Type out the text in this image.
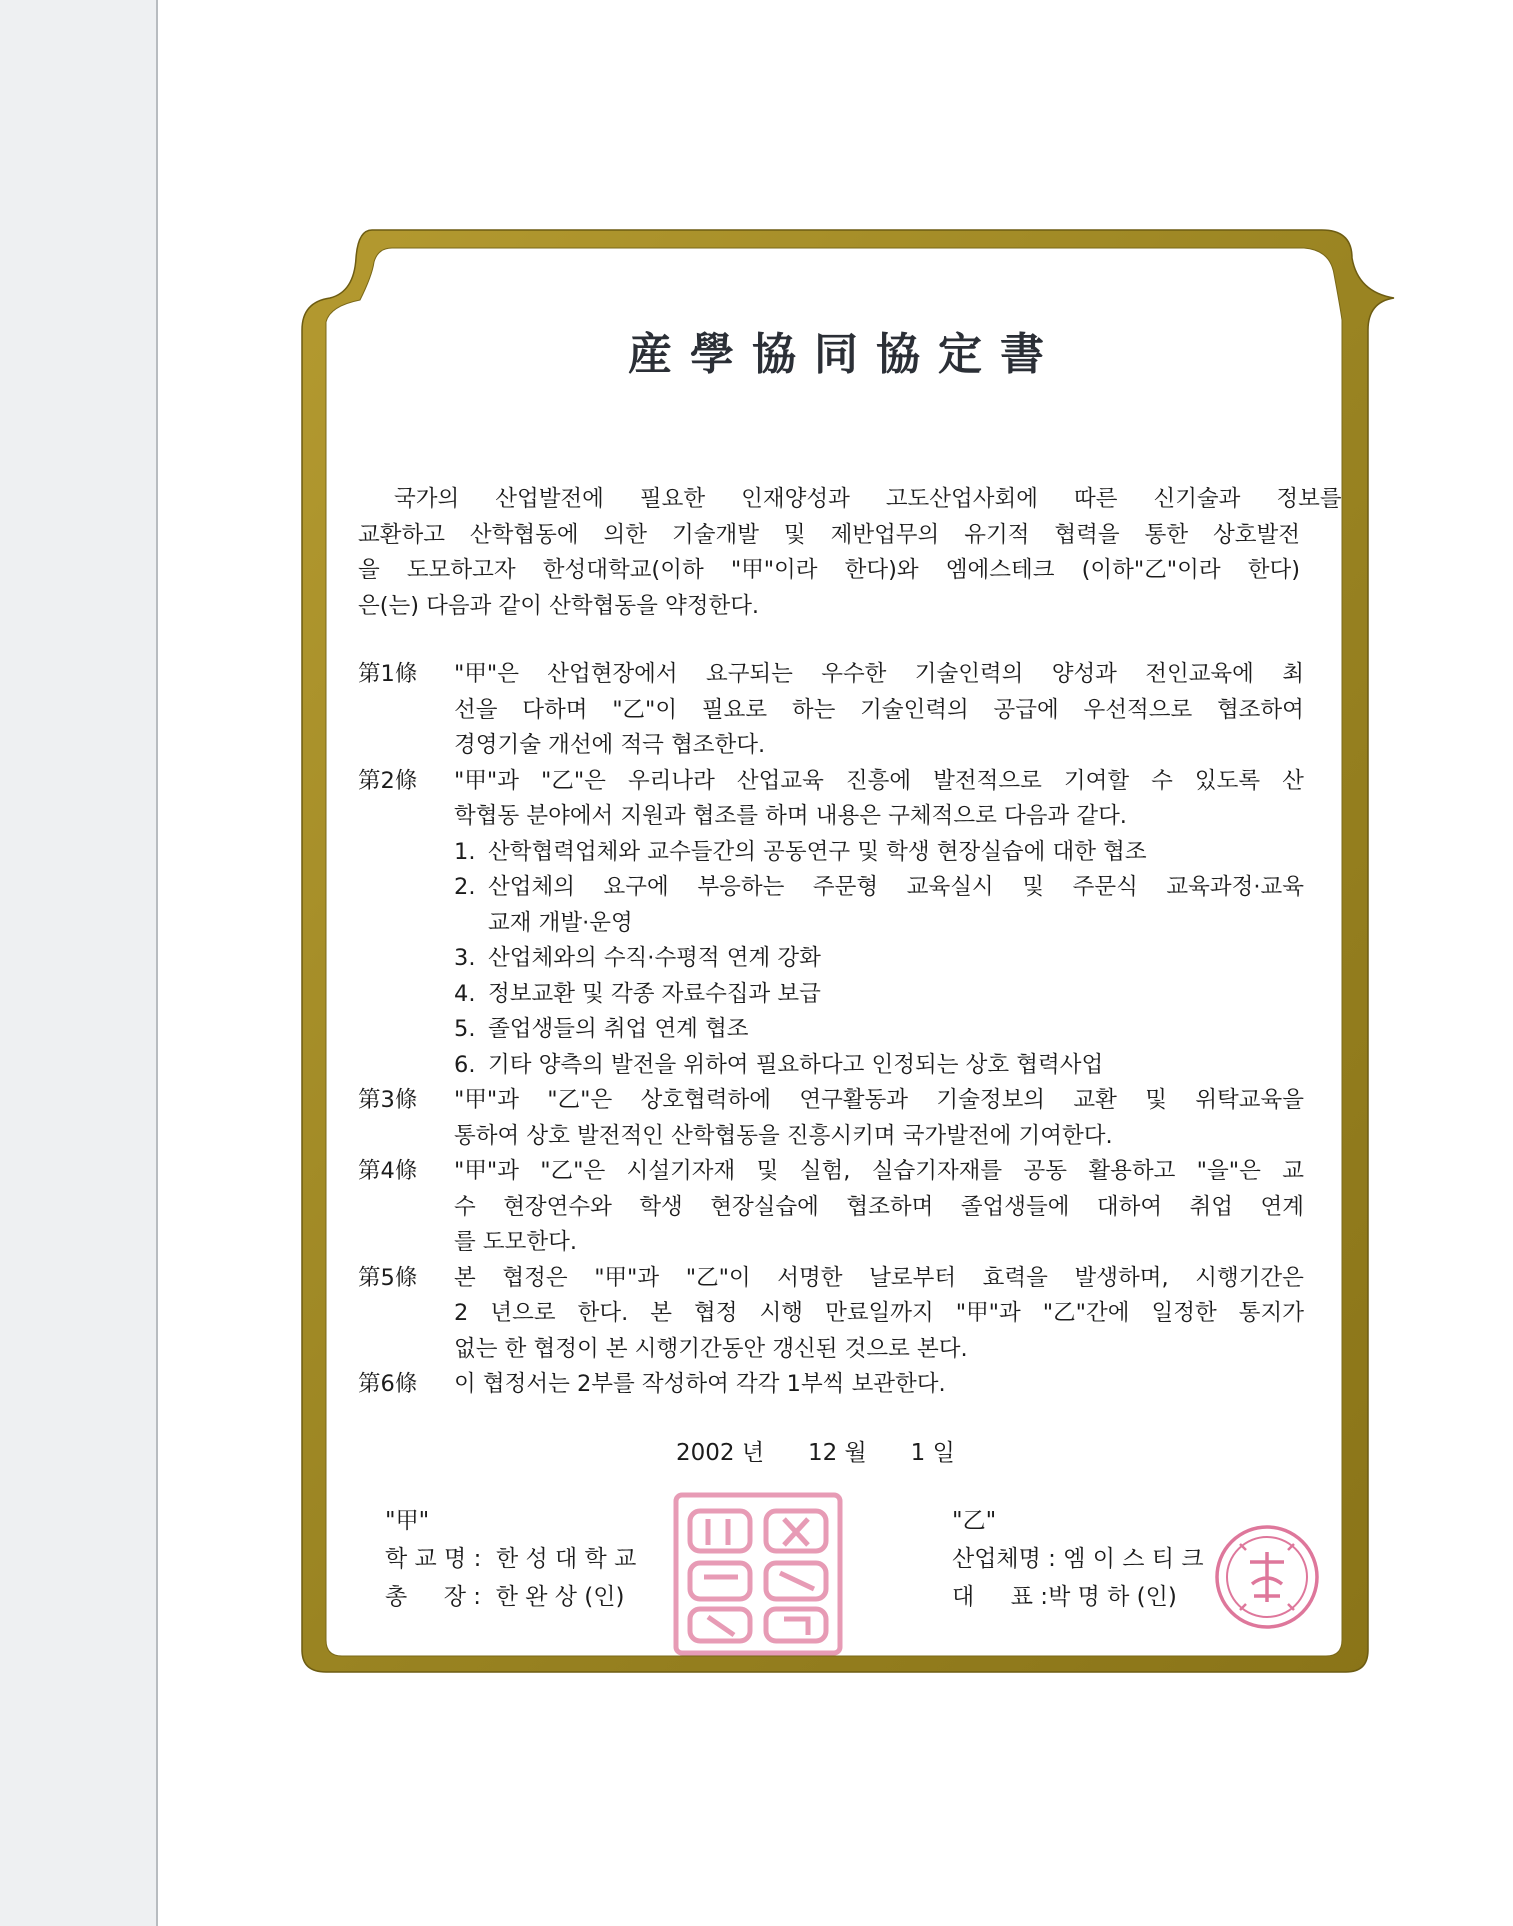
産學協同協定書

국가의	산업발전에	필요한	인재양성과	고도산업사회에	따른	신기술과	정보를

교환하고 산학협동에 의한 기술개발 및 제반업무의 유기적 협력을 통한 상호발전

을 도모하고자 한성대학교(이하 "甲"이라 한다)와 엠에스테크 (이하"乙"이라 한다)

은(는) 다음과 같이 산학협동을 약정한다.

第1條	"甲"은 산업현장에서 요구되는 우수한 기술인력의 양성과 전인교육에 최
선을 다하며 "乙"이 필요로 하는 기술인력의 공급에 우선적으로 협조하여
경영기술 개선에 적극 협조한다.
第2條	"甲"과 "乙"은 우리나라 산업교육 진흥에 발전적으로 기여할 수 있도록 산
학협동 분야에서 지원과 협조를 하며 내용은 구체적으로 다음과 같다.
1. 산학협력업체와 교수들간의 공동연구 및 학생 현장실습에 대한 협조
2. 산업체의 요구에 부응하는 주문형 교육실시 및 주문식 교육과정·교육
교재 개발·운영
3. 산업체와의 수직·수평적 연계 강화
4. 정보교환 및 각종 자료수집과 보급
5. 졸업생들의 취업 연계 협조
6. 기타 양측의 발전을 위하여 필요하다고 인정되는 상호 협력사업
第3條	"甲"과 "乙"은 상호협력하에 연구활동과 기술정보의 교환 및 위탁교육을
통하여 상호 발전적인 산학협동을 진흥시키며 국가발전에 기여한다.
第4條	"甲"과 "乙"은 시설기자재 및 실험, 실습기자재를 공동 활용하고 "을"은 교
수 현장연수와 학생 현장실습에 협조하며 졸업생들에 대하여 취업 연계
를 도모한다.
第5條	본 협정은 "甲"과 "乙"이 서명한 날로부터 효력을 발생하며, 시행기간은
2 년으로 한다. 본 협정 시행 만료일까지 "甲"과 "乙"간에 일정한 통지가
없는 한 협정이 본 시행기간동안 갱신된 것으로 본다.
第6條	이 협정서는 2부를 작성하여 각각 1부씩 보관한다.
2002 년 12 월 1 일
"甲"
학 교 명 : 한 성 대 학 교
총     장 : 한 완 상 (인)
"乙"
산업체명 : 엠 이 스 티 크
대     표 :박 명 하 (인)
